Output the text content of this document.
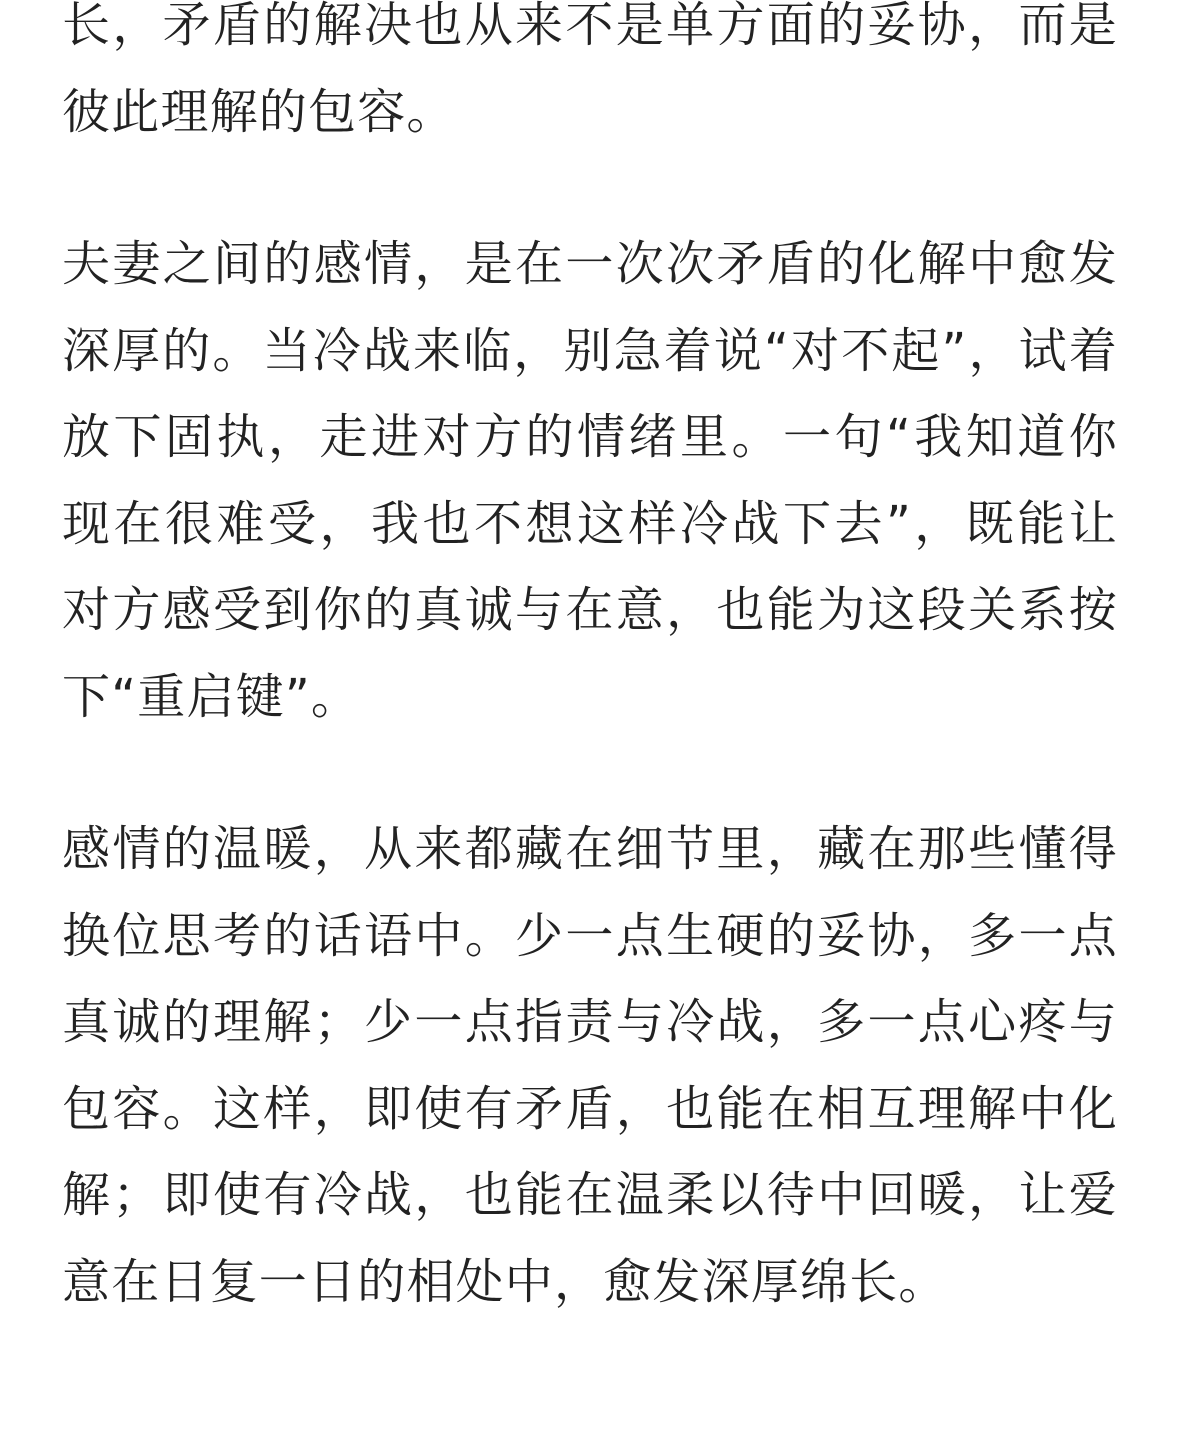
长，矛盾的解决也从来不是单方面的妥协，而是彼此理解的包容。

夫妻之间的感情，是在一次次矛盾的化解中愈发深厚的。当冷战来临，别急着说“对不起”，试着放下固执，走进对方的情绪里。一句“我知道你现在很难受，我也不想这样冷战下去”，既能让对方感受到你的真诚与在意，也能为这段关系按下“重启键”。

感情的温暖，从来都藏在细节里，藏在那些懂得换位思考的话语中。少一点生硬的妥协，多一点真诚的理解；少一点指责与冷战，多一点心疼与包容。这样，即使有矛盾，也能在相互理解中化解；即使有冷战，也能在温柔以待中回暖，让爱意在日复一日的相处中，愈发深厚绵长。
